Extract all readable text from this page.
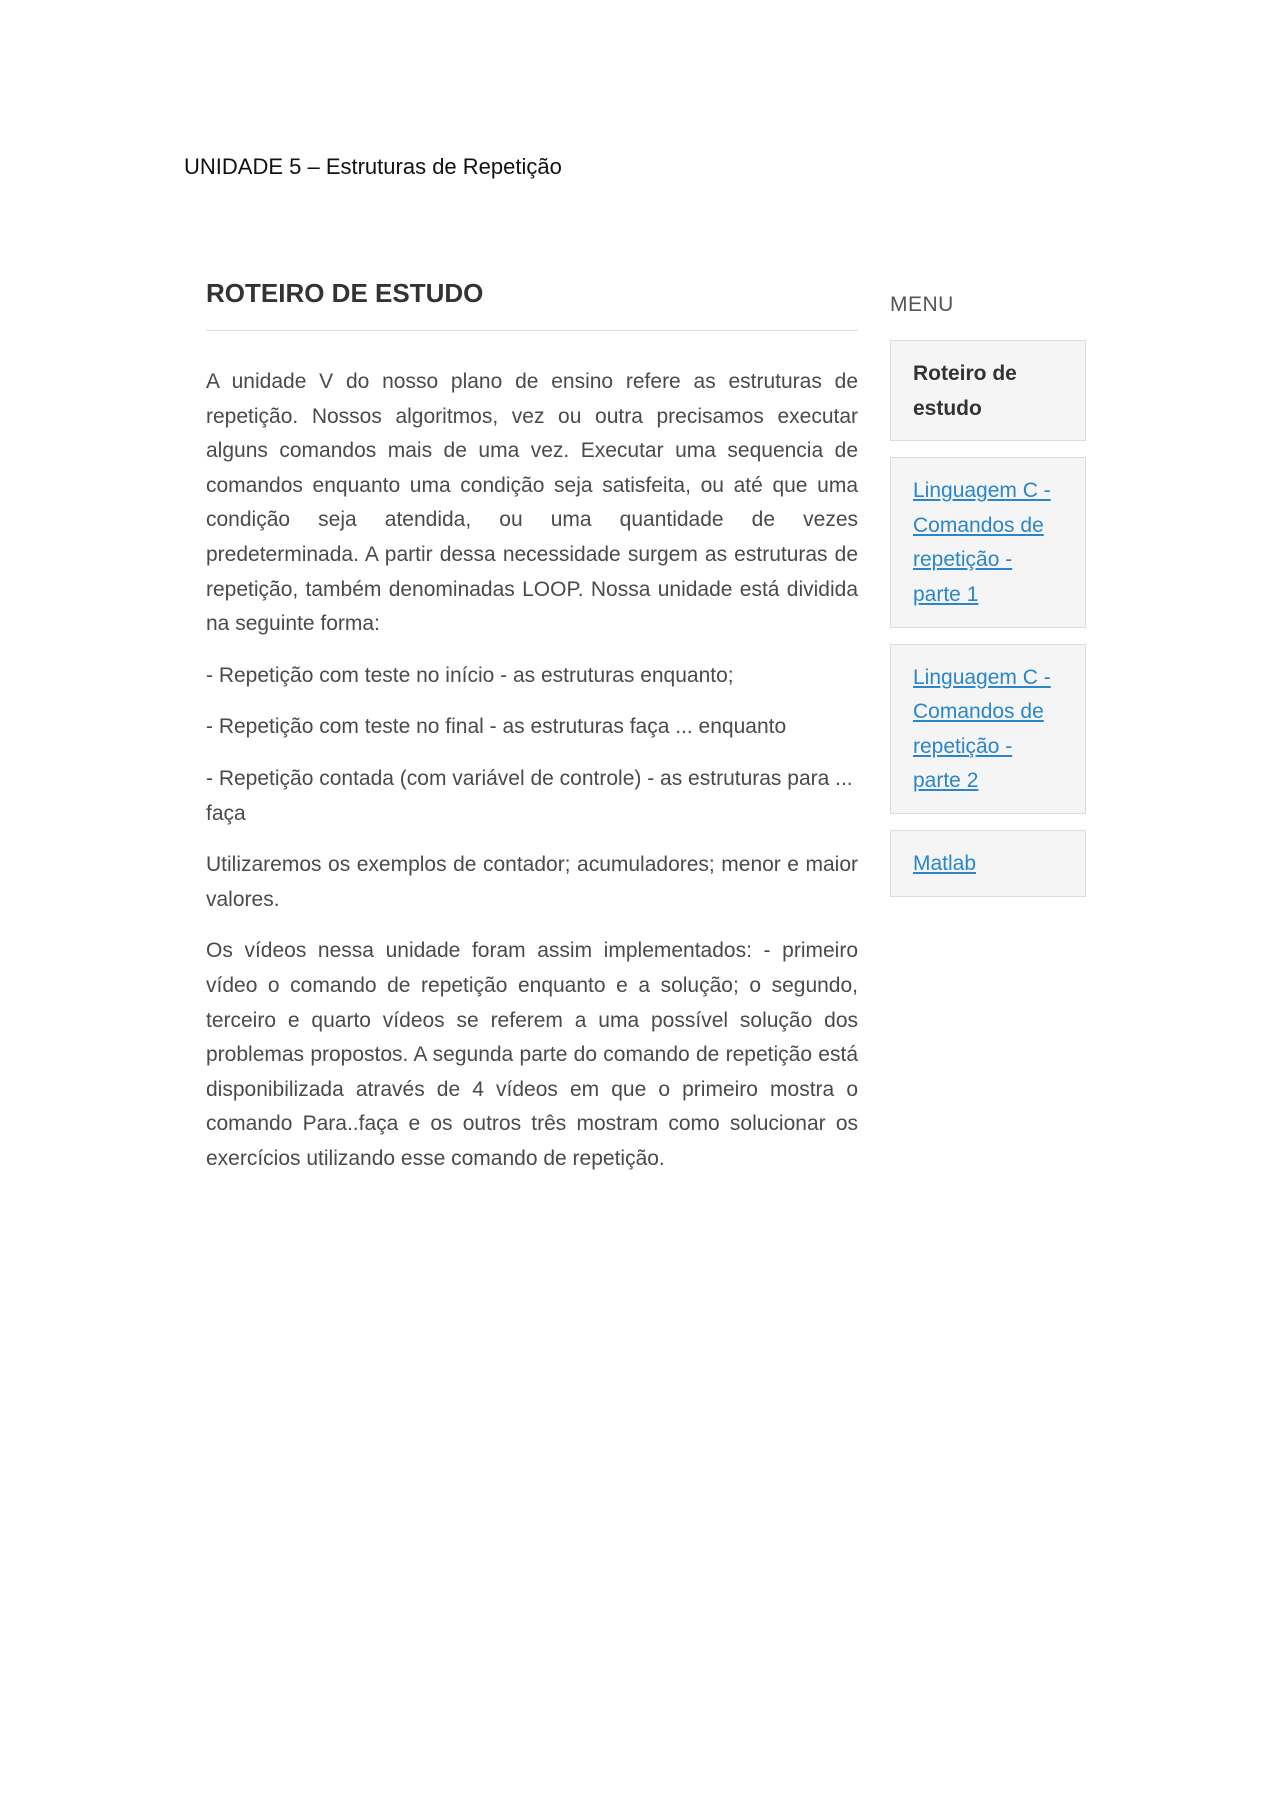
UNIDADE 5 – Estruturas de Repetição
ROTEIRO DE ESTUDO

A unidade V do nosso plano de ensino refere as estruturas de repetição. Nossos algoritmos, vez ou outra precisamos executar alguns comandos mais de uma vez. Executar uma sequencia de comandos enquanto uma condição seja satisfeita, ou até que uma condição seja atendida, ou uma quantidade de vezes predeterminada. A partir dessa necessidade surgem as estruturas de repetição, também denominadas LOOP. Nossa unidade está dividida na seguinte forma:

- Repetição com teste no início - as estruturas enquanto;

- Repetição com teste no final - as estruturas faça ... enquanto

- Repetição contada (com variável de controle) - as estruturas para ... faça

Utilizaremos os exemplos de contador; acumuladores; menor e maior valores.

Os vídeos nessa unidade foram assim implementados: - primeiro vídeo o comando de repetição enquanto e a solução; o segundo, terceiro e quarto vídeos se referem a uma possível solução dos problemas propostos. A segunda parte do comando de repetição está disponibilizada através de 4 vídeos em que o primeiro mostra o comando Para..faça e os outros três mostram como solucionar os exercícios utilizando esse comando de repetição.

MENU
Roteiro de estudo
Linguagem C - Comandos de repetição - parte 1
Linguagem C - Comandos de repetição - parte 2
Matlab
